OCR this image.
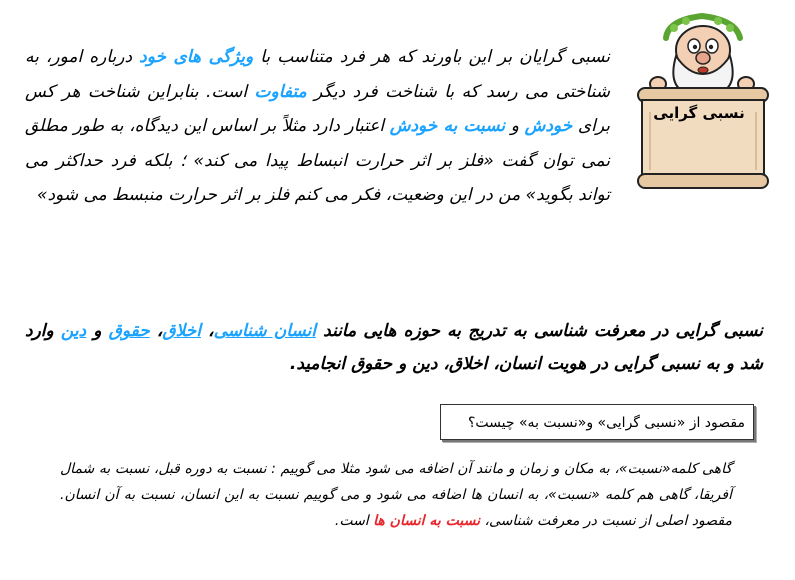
نسبی گرایان بر این باورند که هر فرد متناسب با ویژگی های خود درباره امور، به شناختی می رسد که با شناخت فرد دیگر متفاوت است. بنابراین شناخت هر کس برای خودش و نسبت به خودش اعتبار دارد مثلاً بر اساس این دیدگاه، به طور مطلق نمی توان گفت «فلز بر اثر حرارت انبساط پیدا می کند» ؛ بلکه فرد حداکثر می تواند بگوید» من در این وضعیت، فکر می کنم فلز بر اثر حرارت منبسط می شود»
نسبی گرایی
نسبی گرایی در معرفت شناسی به تدریج به حوزه هایی مانند انسان شناسی، اخلاق، حقوق و دین وارد شد و به نسبی گرایی در هویت انسان، اخلاق، دین و حقوق انجامید.
مقصود از «نسبی گرایی» و«نسبت به» چیست؟
گاهی کلمه«نسبت»، به مکان و زمان و مانند آن اضافه می شود مثلا می گوییم : نسبت به دوره قبل، نسبت به شمال آفریقا، گاهی هم کلمه «نسبت»، به انسان ها اضافه می شود و می گوییم نسبت به این انسان، نسبت به آن انسان. مقصود اصلی از نسبت در معرفت شناسی، نسبت به انسان ها است.
